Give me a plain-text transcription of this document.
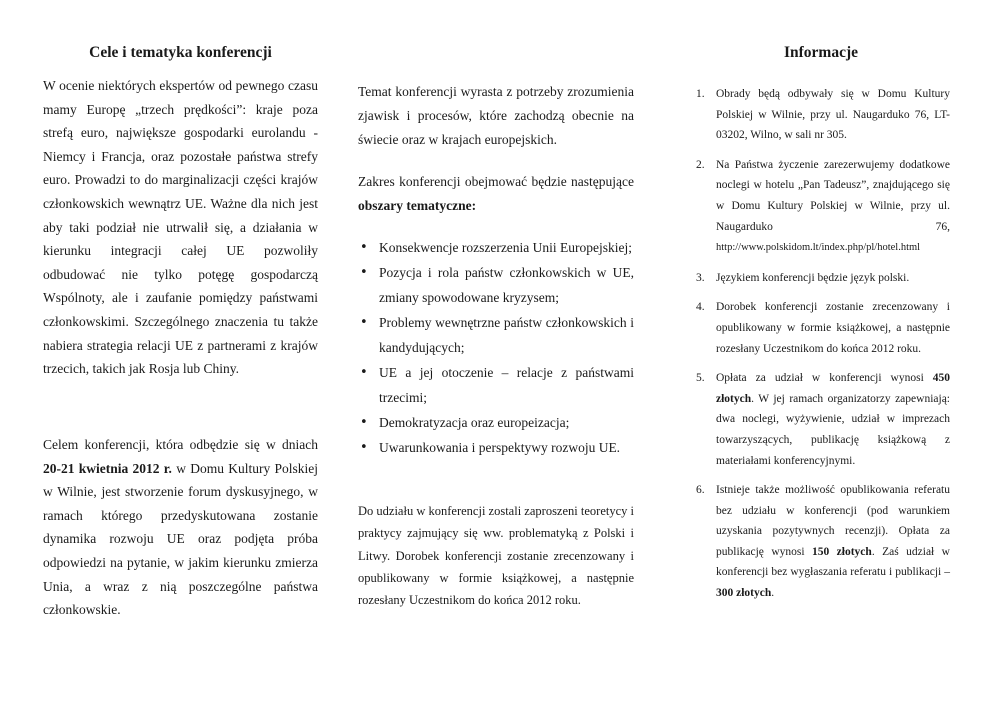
Cele i tematyka konferencji

W ocenie niektórych ekspertów od pewnego czasu mamy Europę „trzech prędkości”: kraje poza strefą euro, największe gospodarki eurolandu - Niemcy i Francja, oraz pozostałe państwa strefy euro. Prowadzi to do marginalizacji części krajów członkowskich wewnątrz UE. Ważne dla nich jest aby taki podział nie utrwalił się, a działania w kierunku integracji całej UE pozwoliły odbudować nie tylko potęgę gospodarczą Wspólnoty, ale i zaufanie pomiędzy państwami członkowskimi. Szczególnego znaczenia tu także nabiera strategia relacji UE z partnerami z krajów trzecich, takich jak Rosja lub Chiny.

Celem konferencji, która odbędzie się w dniach 20-21 kwietnia 2012 r. w Domu Kultury Polskiej w Wilnie, jest stworzenie forum dyskusyjnego, w ramach którego przedyskutowana zostanie dynamika rozwoju UE oraz podjęta próba odpowiedzi na pytanie, w jakim kierunku zmierza Unia, a wraz z nią poszczególne państwa członkowskie.

Temat konferencji wyrasta z potrzeby zrozumienia zjawisk i procesów, które zachodzą obecnie na świecie oraz w krajach europejskich.

Zakres konferencji obejmować będzie następujące obszary tematyczne:

• Konsekwencje rozszerzenia Unii Europejskiej;
• Pozycja i rola państw członkowskich w UE, zmiany spowodowane kryzysem;
• Problemy wewnętrzne państw członkowskich i kandydujących;
• UE a jej otoczenie – relacje z państwami trzecimi;
• Demokratyzacja oraz europeizacja;
• Uwarunkowania i perspektywy rozwoju UE.

Do udziału w konferencji zostali zaproszeni teoretycy i praktycy zajmujący się ww. problematyką z Polski i Litwy. Dorobek konferencji zostanie zrecenzowany i opublikowany w formie książkowej, a następnie rozesłany Uczestnikom do końca 2012 roku.

Informacje
1. Obrady będą odbywały się w Domu Kultury Polskiej w Wilnie, przy ul. Naugarduko 76, LT-03202, Wilno, w sali nr 305.
2. Na Państwa życzenie zarezerwujemy dodatkowe noclegi w hotelu „Pan Tadeusz”, znajdującego się w Domu Kultury Polskiej w Wilnie, przy ul. Naugarduko 76, http://www.polskidom.lt/index.php/pl/hotel.html
3. Językiem konferencji będzie język polski.
4. Dorobek konferencji zostanie zrecenzowany i opublikowany w formie książkowej, a następnie rozesłany Uczestnikom do końca 2012 roku.
5. Opłata za udział w konferencji wynosi 450 złotych. W jej ramach organizatorzy zapewniają: dwa noclegi, wyżywienie, udział w imprezach towarzyszących, publikację książkową z materiałami konferencyjnymi.
6. Istnieje także możliwość opublikowania referatu bez udziału w konferencji (pod warunkiem uzyskania pozytywnych recenzji). Opłata za publikację wynosi 150 złotych. Zaś udział w konferencji bez wygłaszania referatu i publikacji – 300 złotych.
